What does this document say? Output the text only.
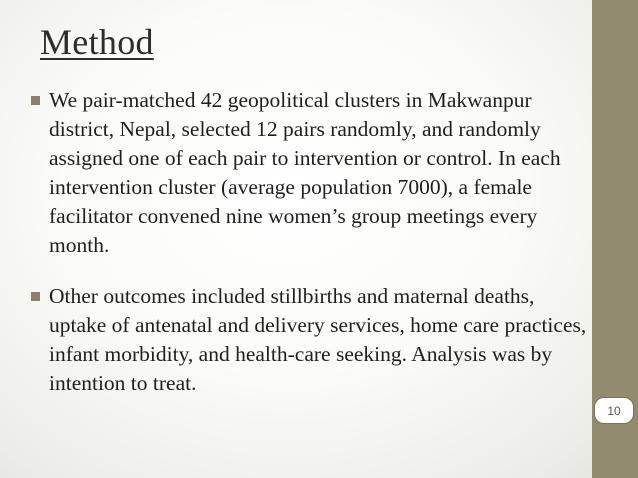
Method

We pair-matched 42 geopolitical clusters in Makwanpur district, Nepal, selected 12 pairs randomly, and randomly assigned one of each pair to intervention or control. In each intervention cluster (average population 7000), a female facilitator convened nine women’s group meetings every month.

Other outcomes included stillbirths and maternal deaths, uptake of antenatal and delivery services, home care practices, infant morbidity, and health-care seeking. Analysis was by intention to treat.

10
